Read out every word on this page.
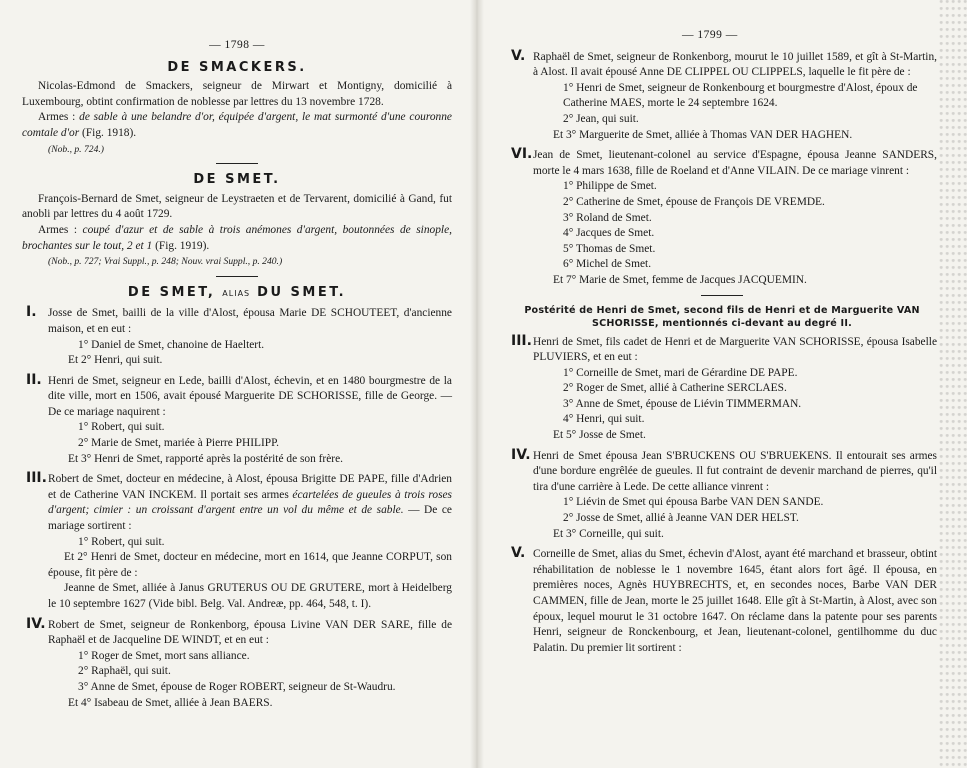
— 1798 —
DE SMACKERS.

Nicolas-Edmond de Smackers, seigneur de Mirwart et Montigny, domicilié à Luxembourg, obtint confirmation de noblesse par lettres du 13 novembre 1728.

Armes : de sable à une belandre d'or, équipée d'argent, le mat surmonté d'une couronne comtale d'or (Fig. 1918).

(Nob., p. 724.)

DE SMET.

François-Bernard de Smet, seigneur de Leystraeten et de Tervarent, domicilié à Gand, fut anobli par lettres du 4 août 1729.

Armes : coupé d'azur et de sable à trois anémones d'argent, boutonnées de sinople, brochantes sur le tout, 2 et 1 (Fig. 1919).

(Nob., p. 727; Vrai Suppl., p. 248; Nouv. vrai Suppl., p. 240.)

DE SMET, ALIAS DU SMET.
I. Josse de Smet, bailli de la ville d'Alost, épousa Marie DE SCHOUTEET, d'ancienne maison, et en eut :

1° Daniel de Smet, chanoine de Haeltert.
Et 2° Henri, qui suit.
II. Henri de Smet, seigneur en Lede, bailli d'Alost, échevin, et en 1480 bourgmestre de la dite ville, mort en 1506, avait épousé Marguerite DE SCHORISSE, fille de George. — De ce mariage naquirent :

1° Robert, qui suit.
2° Marie de Smet, mariée à Pierre PHILIPP.
Et 3° Henri de Smet, rapporté après la postérité de son frère.
III. Robert de Smet, docteur en médecine, à Alost, épousa Brigitte DE PAPE, fille d'Adrien et de Catherine VAN INCKEM. Il portait ses armes écartelées de gueules à trois roses d'argent; cimier : un croissant d'argent entre un vol du même et de sable. — De ce mariage sortirent :

1° Robert, qui suit.

Et 2° Henri de Smet, docteur en médecine, mort en 1614, que Jeanne CORPUT, son épouse, fit père de :

Jeanne de Smet, alliée à Janus GRUTERUS OU DE GRUTERE, mort à Heidelberg le 10 septembre 1627 (Vide bibl. Belg. Val. Andreæ, pp. 464, 548, t. I).

IV. Robert de Smet, seigneur de Ronkenborg, épousa Livine VAN DER SARE, fille de Raphaël et de Jacqueline DE WINDT, et en eut :

1° Roger de Smet, mort sans alliance.
2° Raphaël, qui suit.
3° Anne de Smet, épouse de Roger ROBERT, seigneur de St-Waudru.
Et 4° Isabeau de Smet, alliée à Jean BAERS.
— 1799 —
V. Raphaël de Smet, seigneur de Ronkenborg, mourut le 10 juillet 1589, et gît à St-Martin, à Alost. Il avait épousé Anne DE CLIPPEL OU CLIPPELS, laquelle le fit père de :

1° Henri de Smet, seigneur de Ronkenbourg et bourgmestre d'Alost, époux de Catherine MAES, morte le 24 septembre 1624.
2° Jean, qui suit.
Et 3° Marguerite de Smet, alliée à Thomas VAN DER HAGHEN.
VI. Jean de Smet, lieutenant-colonel au service d'Espagne, épousa Jeanne SANDERS, morte le 4 mars 1638, fille de Roeland et d'Anne VILAIN. De ce mariage vinrent :

1° Philippe de Smet.
2° Catherine de Smet, épouse de François DE VREMDE.
3° Roland de Smet.
4° Jacques de Smet.
5° Thomas de Smet.
6° Michel de Smet.
Et 7° Marie de Smet, femme de Jacques JACQUEMIN.
Postérité de Henri de Smet, second fils de Henri et de Marguerite VAN SCHORISSE, mentionnés ci-devant au degré II.
III. Henri de Smet, fils cadet de Henri et de Marguerite VAN SCHORISSE, épousa Isabelle PLUVIERS, et en eut :

1° Corneille de Smet, mari de Gérardine DE PAPE.
2° Roger de Smet, allié à Catherine SERCLAES.
3° Anne de Smet, épouse de Liévin TIMMERMAN.
4° Henri, qui suit.
Et 5° Josse de Smet.
IV. Henri de Smet épousa Jean S'BRUCKENS OU S'BRUEKENS. Il entourait ses armes d'une bordure engrêlée de gueules. Il fut contraint de devenir marchand de pierres, qu'il tira d'une carrière à Lede. De cette alliance vinrent :

1° Liévin de Smet qui épousa Barbe VAN DEN SANDE.
2° Josse de Smet, allié à Jeanne VAN DER HELST.
Et 3° Corneille, qui suit.
V. Corneille de Smet, alias du Smet, échevin d'Alost, ayant été marchand et brasseur, obtint réhabilitation de noblesse le 1 novembre 1645, étant alors fort âgé. Il épousa, en premières noces, Agnès HUYBRECHTS, et, en secondes noces, Barbe VAN DER CAMMEN, fille de Jean, morte le 25 juillet 1648. Elle gît à St-Martin, à Alost, avec son époux, lequel mourut le 31 octobre 1647. On réclame dans la patente pour ses parents Henri, seigneur de Ronckenbourg, et Jean, lieutenant-colonel, gentilhomme du duc Palatin. Du premier lit sortirent :
